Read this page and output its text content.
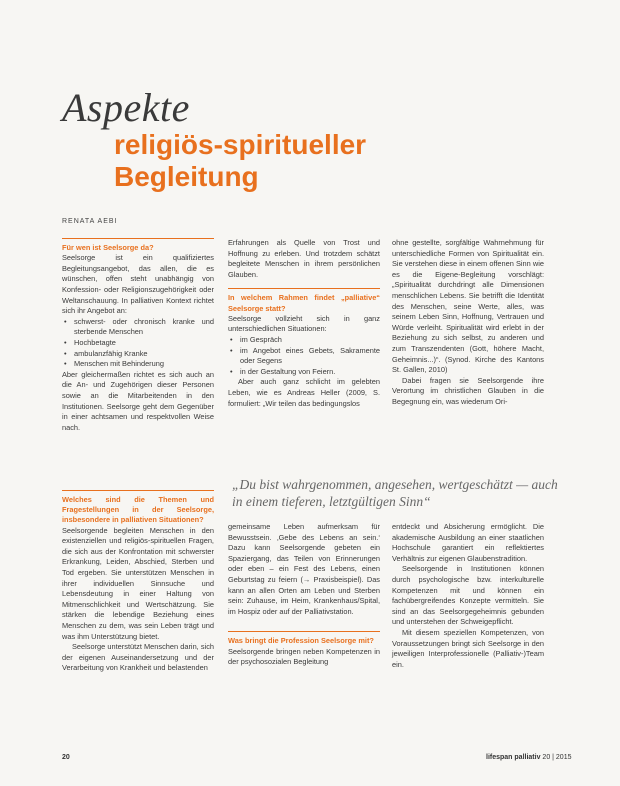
Aspekte
religiös-spiritueller
Begleitung
RENATA AEBI

Für wen ist Seelsorge da?

Seelsorge ist ein qualifiziertes Begleitungsangebot, das allen, die es wünschen, offen steht unabhängig von Konfession- oder Religionszugehörigkeit oder Weltanschauung. In palliativen Kontext richtet sich ihr Angebot an:

• schwerst- oder chronisch kranke und sterbende Menschen
• Hochbetagte
• ambulanzfähig Kranke
• Menschen mit Behinderung

Aber gleichermaßen richtet es sich auch an die An- und Zugehörigen dieser Personen sowie an die Mitarbeitenden in den Institutionen. Seelsorge geht dem Gegenüber in einer achtsamen und respektvollen Weise nach.

Erfahrungen als Quelle von Trost und Hoffnung zu erleben. Und trotzdem schätzt begleitete Menschen in ihrem persönlichen Glauben.

In welchem Rahmen findet „palliative“ Seelsorge statt?

Seelsorge vollzieht sich in ganz unterschiedlichen Situationen:

• im Gespräch
• im Angebot eines Gebets, Sakramente oder Segens
• in der Gestaltung von Feiern.

Aber auch ganz schlicht im gelebten Leben, wie es Andreas Heller (2009, S. formuliert: „Wir teilen das bedingungslos

ohne gestellte, sorgfältige Wahrnehmung für unterschiedliche Formen von Spiritualität ein. Sie verstehen diese in einem offenen Sinn wie es die Eigene-Begleitung vorschlägt: „Spiritualität durchdringt alle Dimensionen menschlichen Lebens. Sie betrifft die Identität des Menschen, seine Werte, alles, was seinem Leben Sinn, Hoffnung, Vertrauen und Würde verleiht. Spiritualität wird erlebt in der Beziehung zu sich selbst, zu anderen und zum Transzendenten (Gott, höhere Macht, Geheimnis...)“. (Synod. Kirche des Kantons St. Gallen, 2010)

Dabei fragen sie Seelsorgende ihre Verortung im christlichen Glauben in die Begegnung ein, was wiederum Ori-

„Du bist wahrgenommen, angesehen, wertgeschätzt — auch in einem tieferen, letztgültigen Sinn“

Welches sind die Themen und Fragestellungen in der Seelsorge, insbesondere in palliativen Situationen?

Seelsorgende begleiten Menschen in den existenziellen und religiös-spirituellen Fragen, die sich aus der Konfrontation mit schwerster Erkrankung, Leiden, Abschied, Sterben und Tod ergeben. Sie unterstützen Menschen in ihrer individuellen Sinnsuche und Lebensdeutung in einer Haltung von Mitmenschlichkeit und Wertschätzung. Sie stärken die lebendige Beziehung eines Menschen zu dem, was sein Leben trägt und was ihm Unterstützung bietet.

Seelsorge unterstützt Menschen darin, sich der eigenen Auseinandersetzung und der Verarbeitung von Krankheit und belastenden

gemeinsame Leben aufmerksam für Bewusstsein. ‚Gebe des Lebens an sein.‘ Dazu kann Seelsorgende gebeten ein Spaziergang, das Teilen von Erinnerungen oder eben – ein Fest des Lebens, einen Geburtstag zu feiern (→ Praxisbeispiel). Das kann an allen Orten am Leben und Sterben sein: Zuhause, im Heim, Krankenhaus/Spital, im Hospiz oder auf der Palliativstation.

Was bringt die Profession Seelsorge mit?

Seelsorgende bringen neben Kompetenzen in der psychosozialen Begleitung

entdeckt und Absicherung ermöglicht. Die akademische Ausbildung an einer staatlichen Hochschule garantiert ein reflektiertes Verhältnis zur eigenen Glaubenstradition.

Seelsorgende in Institutionen können durch psychologische bzw. interkulturelle Kompetenzen mit und können ein fachübergreifendes Konzepte vermitteln. Sie sind an das Seelsorgegeheimnis gebunden und unterstehen der Schweigepflicht.

Mit diesem speziellen Kompetenzen, von Voraussetzungen bringt sich Seelsorge in den jeweiligen Interprofessionelle (Palliativ-)Team ein.

20	lifespan palliativ 20 | 2015
